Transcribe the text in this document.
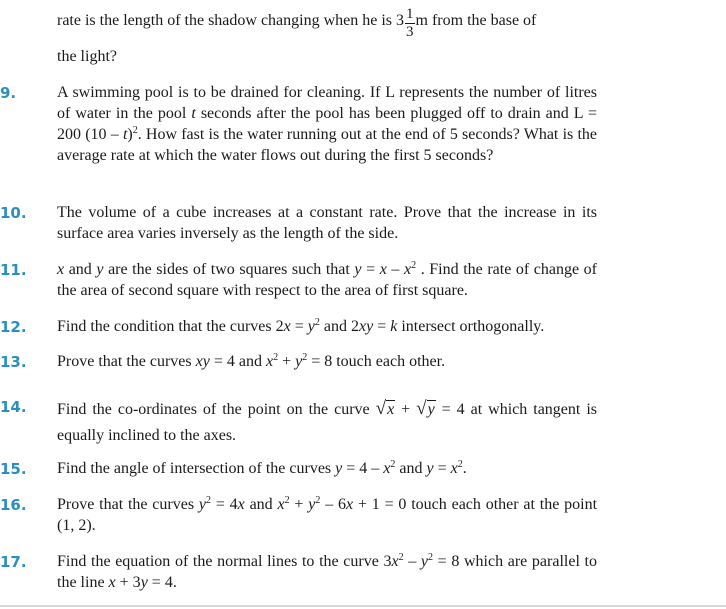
rate is the length of the shadow changing when he is $3 \frac{1}{3}$ m from the base of
the light?
9.	A swimming pool is to be drained for cleaning. If L represents the number of litres of water in the pool t seconds after the pool has been plugged off to drain and L = 200 (10 – t)$^2$. How fast is the water running out at the end of 5 seconds? What is the average rate at which the water flows out during the first 5 seconds?
10. The volume of a cube increases at a constant rate. Prove that the increase in its surface area varies inversely as the length of the side.
11. x and y are the sides of two squares such that $y = x - x^2$ . Find the rate of change of the area of second square with respect to the area of first square.
12. Find the condition that the curves $2x = y^2$ and 2xy = k intersect orthogonally.
13. Prove that the curves xy = 4 and $x^2 + y^2 = 8$ touch each other.
14. Find the co-ordinates of the point on the curve √x + √y = 4 at which tangent is equally inclined to the axes.
15. Find the angle of intersection of the curves $y = 4 - x^2$ and $y = x^2$.
16. Prove that the curves $y^2 = 4x$ and $x^2 + y^2 - 6x + 1 = 0$ touch each other at the point (1, 2).
17. Find the equation of the normal lines to the curve $3x^2 - y^2 = 8$ which are parallel to the line x + 3y = 4.
